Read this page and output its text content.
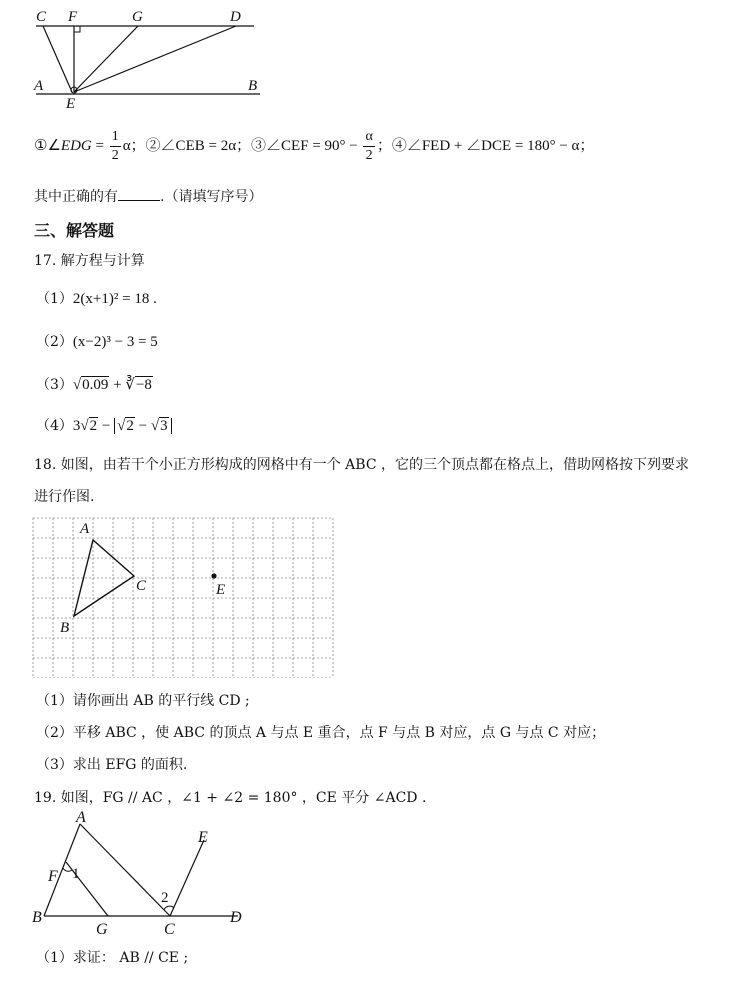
C F	G	D
A	B
E
①∠EDG = $\frac{1}{2}$ α；②∠CEB = 2α；③∠CEF = $90^\circ - \frac{\alpha}{2}$ ；④∠FED + ∠DCE = 180° − α；
其中正确的有	.（请填写序号）
三、解答题
17. 解方程与计算
（1）2(x+1)² = 18 .
（2）(x−2)³ − 3 = 5
（3）√0.09 + ∛−8
（4）3√2 − √2 − √3
18. 如图，由若干个小正方形构成的网格中有一个 ABC ，它的三个顶点都在格点上，借助网格按下列要求
进行作图.
A
B
C	E
（1）请你画出 AB 的平行线 CD ;
（2）平移 ABC ，使 ABC 的顶点 A 与点 E 重合，点 F 与点 B 对应，点 G 与点 C 对应；
（3）求出 EFG 的面积.
19. 如图，FG // AC ，∠1 + ∠2 = 180° ，CE 平分 ∠ACD .
A
E
F 1
2
B
G	C
D
（1）求证： AB // CE ;
